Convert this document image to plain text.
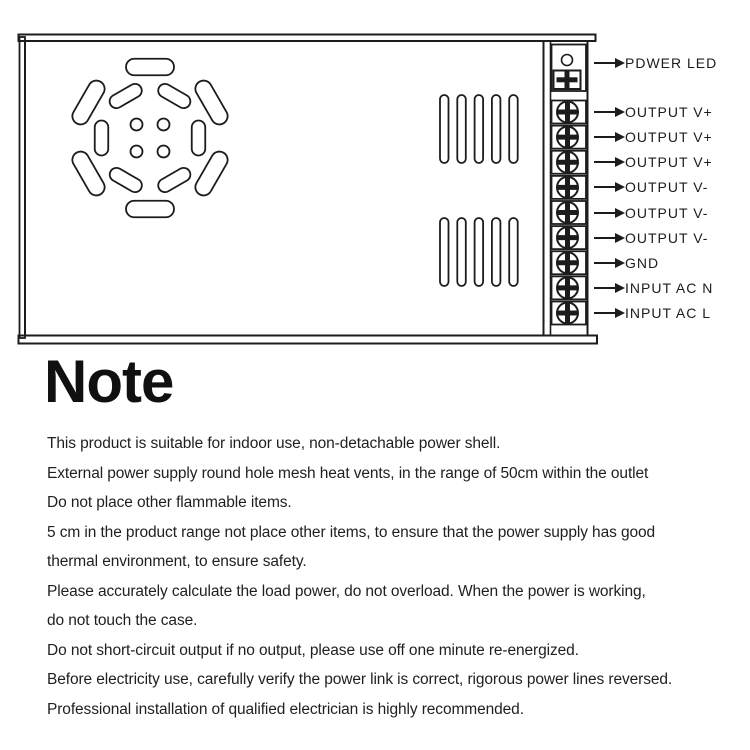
PDWER LED
OUTPUT V+
OUTPUT V+
OUTPUT V+
OUTPUT V-
OUTPUT V-
OUTPUT V-
GND
INPUT AC N
INPUT AC L
Note

This product is suitable for indoor use, non-detachable power shell.

External power supply round hole mesh heat vents, in the range of 50cm within the outlet

Do not place other flammable items.

5 cm in the product range not place other items, to ensure that the power supply has good

thermal environment, to ensure safety.

Please accurately calculate the load power, do not overload. When the power is working,

do not touch the case.

Do not short-circuit output if no output, please use off one minute re-energized.

Before electricity use, carefully verify the power link is correct, rigorous power lines reversed.

Professional installation of qualified electrician is highly recommended.
